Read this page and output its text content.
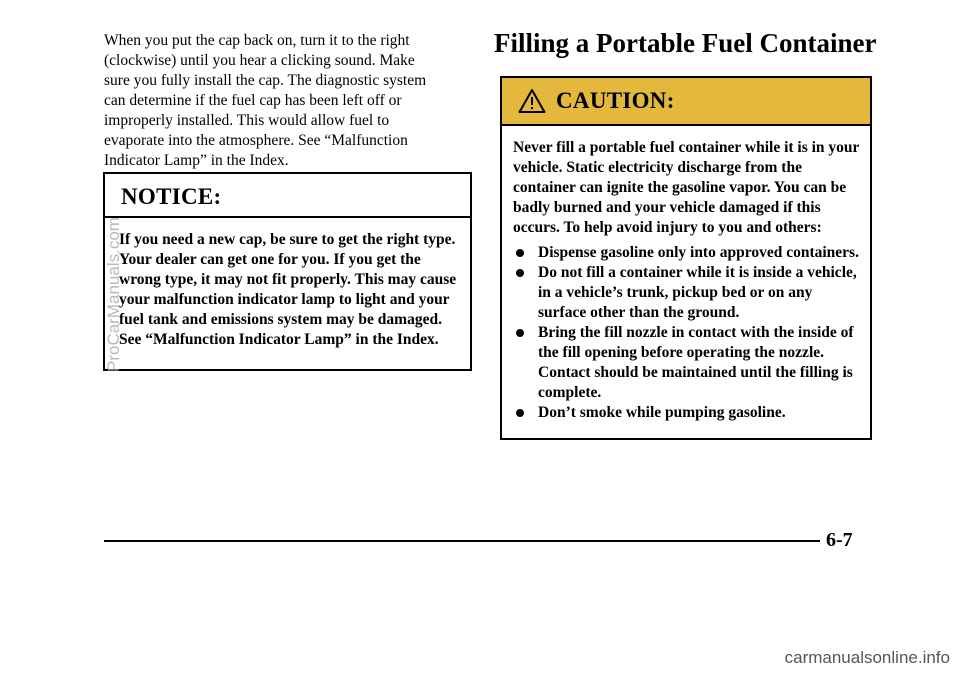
When you put the cap back on, turn it to the right (clockwise) until you hear a clicking sound. Make sure you fully install the cap. The diagnostic system can determine if the fuel cap has been left off or improperly installed. This would allow fuel to evaporate into the atmosphere. See “Malfunction Indicator Lamp” in the Index.

NOTICE:

If you need a new cap, be sure to get the right type. Your dealer can get one for you. If you get the wrong type, it may not fit properly. This may cause your malfunction indicator lamp to light and your fuel tank and emissions system may be damaged. See “Malfunction Indicator Lamp” in the Index.

Filling a Portable Fuel Container
CAUTION:
Never fill a portable fuel container while it is in your vehicle. Static electricity discharge from the container can ignite the gasoline vapor. You can be badly burned and your vehicle damaged if this occurs. To help avoid injury to you and others:
Dispense gasoline only into approved containers.
Do not fill a container while it is inside a vehicle, in a vehicle’s trunk, pickup bed or on any surface other than the ground.
Bring the fill nozzle in contact with the inside of the fill opening before operating the nozzle. Contact should be maintained until the filling is complete.
Don’t smoke while pumping gasoline.

6-7

ProCarManuals.com

carmanualsonline.info
